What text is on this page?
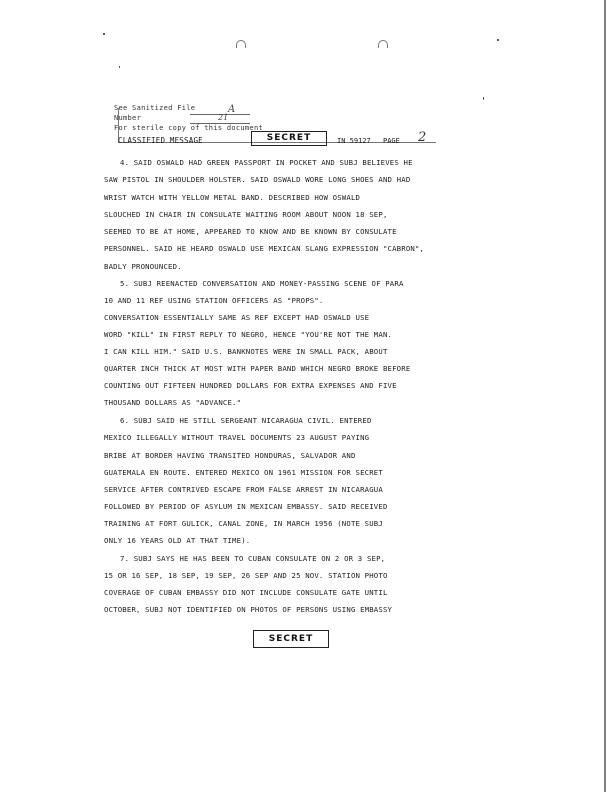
See Sanitized File	A
Number	21
For sterile copy of this document
CLASSIFIED MESSAGE	SECRET	IN 59127 PAGE 2
4. SAID OSWALD HAD GREEN PASSPORT IN POCKET AND SUBJ BELIEVES HE
SAW PISTOL IN SHOULDER HOLSTER. SAID OSWALD WORE LONG SHOES AND HAD
WRIST WATCH WITH YELLOW METAL BAND. DESCRIBED HOW OSWALD
SLOUCHED IN CHAIR IN CONSULATE WAITING ROOM ABOUT NOON 18 SEP,
SEEMED TO BE AT HOME, APPEARED TO KNOW AND BE KNOWN BY CONSULATE
PERSONNEL. SAID HE HEARD OSWALD USE MEXICAN SLANG EXPRESSION "CABRON",
BADLY PRONOUNCED.
5. SUBJ REENACTED CONVERSATION AND MONEY-PASSING SCENE OF PARA
10 AND 11 REF USING STATION OFFICERS AS "PROPS".
CONVERSATION ESSENTIALLY SAME AS REF EXCEPT HAD OSWALD USE
WORD "KILL" IN FIRST REPLY TO NEGRO, HENCE "YOU'RE NOT THE MAN.
I CAN KILL HIM." SAID U.S. BANKNOTES WERE IN SMALL PACK, ABOUT
QUARTER INCH THICK AT MOST WITH PAPER BAND WHICH NEGRO BROKE BEFORE
COUNTING OUT FIFTEEN HUNDRED DOLLARS FOR EXTRA EXPENSES AND FIVE
THOUSAND DOLLARS AS "ADVANCE."
6. SUBJ SAID HE STILL SERGEANT NICARAGUA CIVIL. ENTERED
MEXICO ILLEGALLY WITHOUT TRAVEL DOCUMENTS 23 AUGUST PAYING
BRIBE AT BORDER HAVING TRANSITED HONDURAS, SALVADOR AND
GUATEMALA EN ROUTE. ENTERED MEXICO ON 1961 MISSION FOR SECRET
SERVICE AFTER CONTRIVED ESCAPE FROM FALSE ARREST IN NICARAGUA
FOLLOWED BY PERIOD OF ASYLUM IN MEXICAN EMBASSY. SAID RECEIVED
TRAINING AT FORT GULICK, CANAL ZONE, IN MARCH 1956 (NOTE SUBJ
ONLY 16 YEARS OLD AT THAT TIME).
7. SUBJ SAYS HE HAS BEEN TO CUBAN CONSULATE ON 2 OR 3 SEP,
15 OR 16 SEP, 18 SEP, 19 SEP, 26 SEP AND 25 NOV. STATION PHOTO
COVERAGE OF CUBAN EMBASSY DID NOT INCLUDE CONSULATE GATE UNTIL
OCTOBER, SUBJ NOT IDENTIFIED ON PHOTOS OF PERSONS USING EMBASSY
SECRET
